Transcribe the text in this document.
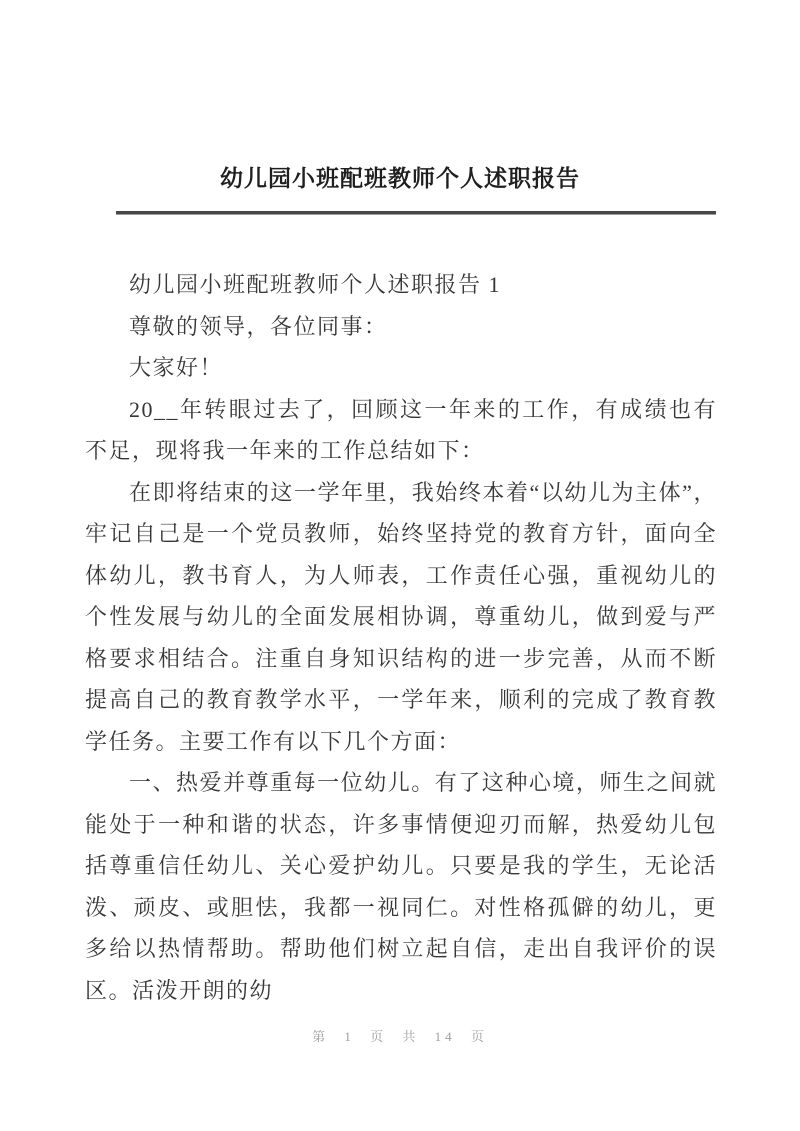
幼儿园小班配班教师个人述职报告

幼儿园小班配班教师个人述职报告 1

尊敬的领导，各位同事：

大家好！

20__年转眼过去了，回顾这一年来的工作，有成绩也有不足，现将我一年来的工作总结如下：

在即将结束的这一学年里，我始终本着“以幼儿为主体”，牢记自己是一个党员教师，始终坚持党的教育方针，面向全体幼儿，教书育人，为人师表，工作责任心强，重视幼儿的个性发展与幼儿的全面发展相协调，尊重幼儿，做到爱与严格要求相结合。注重自身知识结构的进一步完善，从而不断提高自己的教育教学水平，一学年来，顺利的完成了教育教学任务。主要工作有以下几个方面：

一、热爱并尊重每一位幼儿。有了这种心境，师生之间就能处于一种和谐的状态，许多事情便迎刃而解，热爱幼儿包括尊重信任幼儿、关心爱护幼儿。只要是我的学生，无论活泼、顽皮、或胆怯，我都一视同仁。对性格孤僻的幼儿，更多给以热情帮助。帮助他们树立起自信，走出自我评价的误区。活泼开朗的幼

第 1 页 共 14 页
